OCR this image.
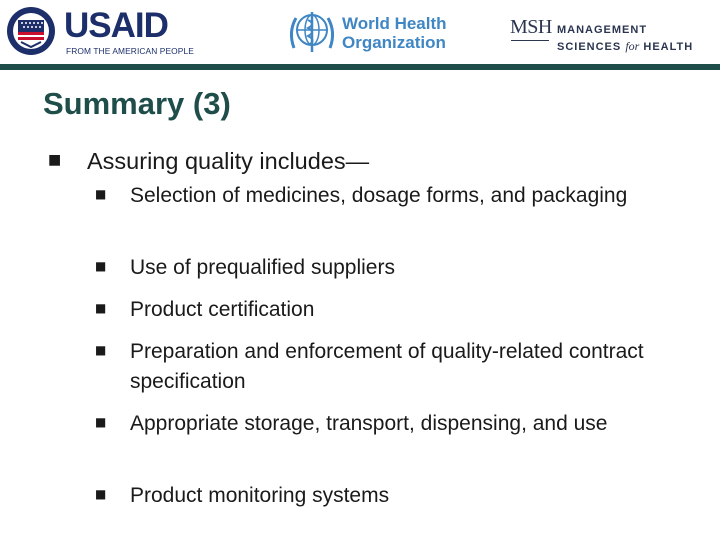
USAID
FROM THE AMERICAN PEOPLE
World Health
Organization
MSH MANAGEMENT
SCIENCES for HEALTH
Summary (3)
■ Assuring quality includes—
■ Selection of medicines, dosage forms, and packaging
■ Use of prequalified suppliers
■ Product certification
■ Preparation and enforcement of quality-related contract specification
■ Appropriate storage, transport, dispensing, and use
■ Product monitoring systems
